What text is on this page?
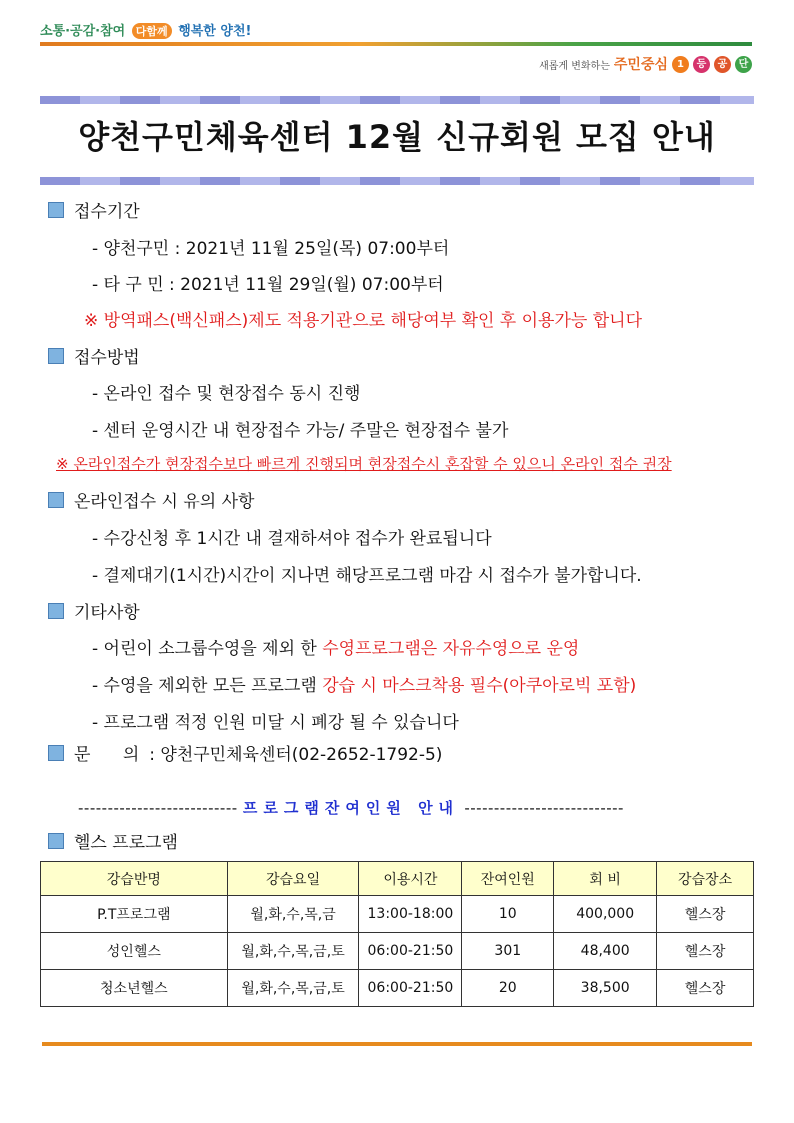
소통·공감·참여 다함께 행복한 양천!
새롭게 변화하는 주민중심 1	등	공	단
양천구민체육센터 12월 신규회원 모집 안내
접수기간
- 양천구민 : 2021년 11월 25일(목) 07:00부터
- 타 구 민 : 2021년 11월 29일(월) 07:00부터
※ 방역패스(백신패스)제도 적용기관으로 해당여부 확인 후 이용가능 합니다
접수방법
- 온라인 접수 및 현장접수 동시 진행
- 센터 운영시간 내 현장접수 가능/ 주말은 현장접수 불가
※ 온라인접수가 현장접수보다 빠르게 진행되며 현장접수시 혼잡할 수 있으니 온라인 접수 권장
온라인접수 시 유의 사항
- 수강신청 후 1시간 내 결재하셔야 접수가 완료됩니다
- 결제대기(1시간)시간이 지나면 해당프로그램 마감 시 접수가 불가합니다.
기타사항
- 어린이 소그룹수영을 제외 한 수영프로그램은 자유수영으로 운영
- 수영을 제외한 모든 프로그램 강습 시 마스크착용 필수(아쿠아로빅 포함)
- 프로그램 적정 인원 미달 시 폐강 될 수 있습니다
문      의 : 양천구민체육센터(02-2652-1792-5)
--------------------------- 프로그램잔여인원 안내 ---------------------------
헬스 프로그램
강습반명	강습요일	이용시간	잔여인원	회 비	강습장소
P.T프로그램	월,화,수,목,금	13:00-18:00	10	400,000	헬스장
성인헬스	월,화,수,목,금,토	06:00-21:50	301	48,400	헬스장
청소년헬스	월,화,수,목,금,토	06:00-21:50	20	38,500	헬스장
